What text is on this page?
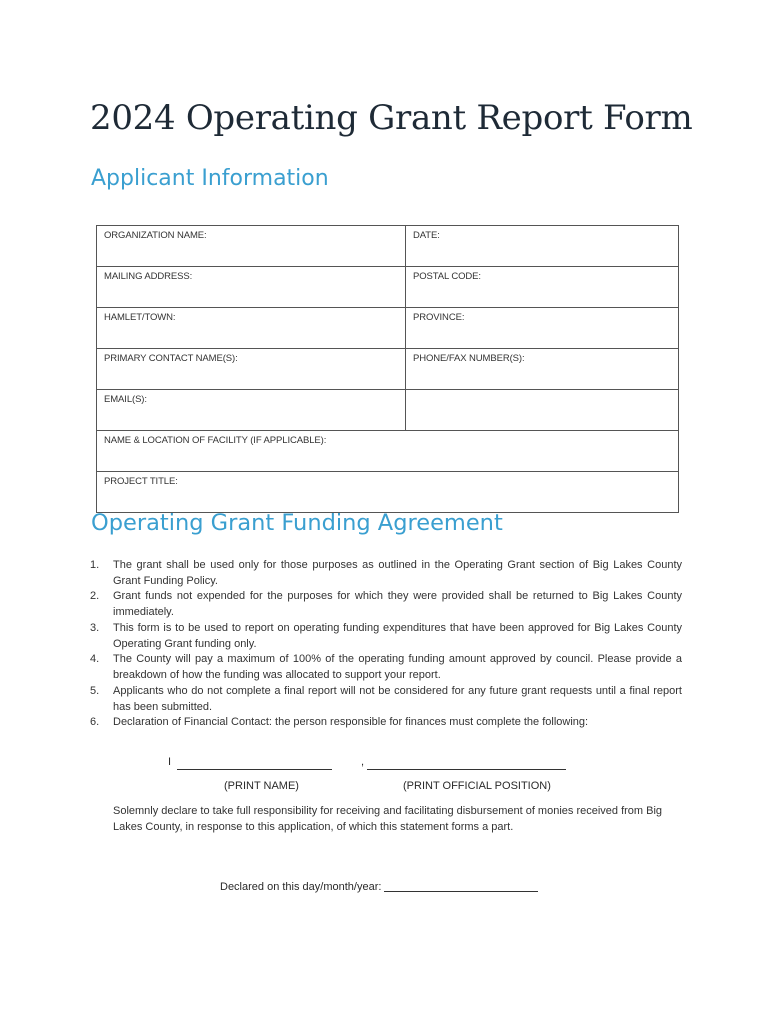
2024 Operating Grant Report Form
Applicant Information
ORGANIZATION NAME:	DATE:
MAILING ADDRESS:	POSTAL CODE:
HAMLET/TOWN:	PROVINCE:
PRIMARY CONTACT NAME(S):	PHONE/FAX NUMBER(S):
EMAIL(S):	
NAME & LOCATION OF FACILITY (IF APPLICABLE):	
PROJECT TITLE:	
Operating Grant Funding Agreement
1. The grant shall be used only for those purposes as outlined in the Operating Grant section of Big Lakes County Grant Funding Policy.
2. Grant funds not expended for the purposes for which they were provided shall be returned to Big Lakes County immediately.
3. This form is to be used to report on operating funding expenditures that have been approved for Big Lakes County Operating Grant funding only.
4. The County will pay a maximum of 100% of the operating funding amount approved by council. Please provide a breakdown of how the funding was allocated to support your report.
5. Applicants who do not complete a final report will not be considered for any future grant requests until a final report has been submitted.
6. Declaration of Financial Contact: the person responsible for finances must complete the following:
I	,
(PRINT NAME)	(PRINT OFFICIAL POSITION)
Solemnly declare to take full responsibility for receiving and facilitating disbursement of monies received from Big Lakes County, in response to this application, of which this statement forms a part.
Declared on this day/month/year:
